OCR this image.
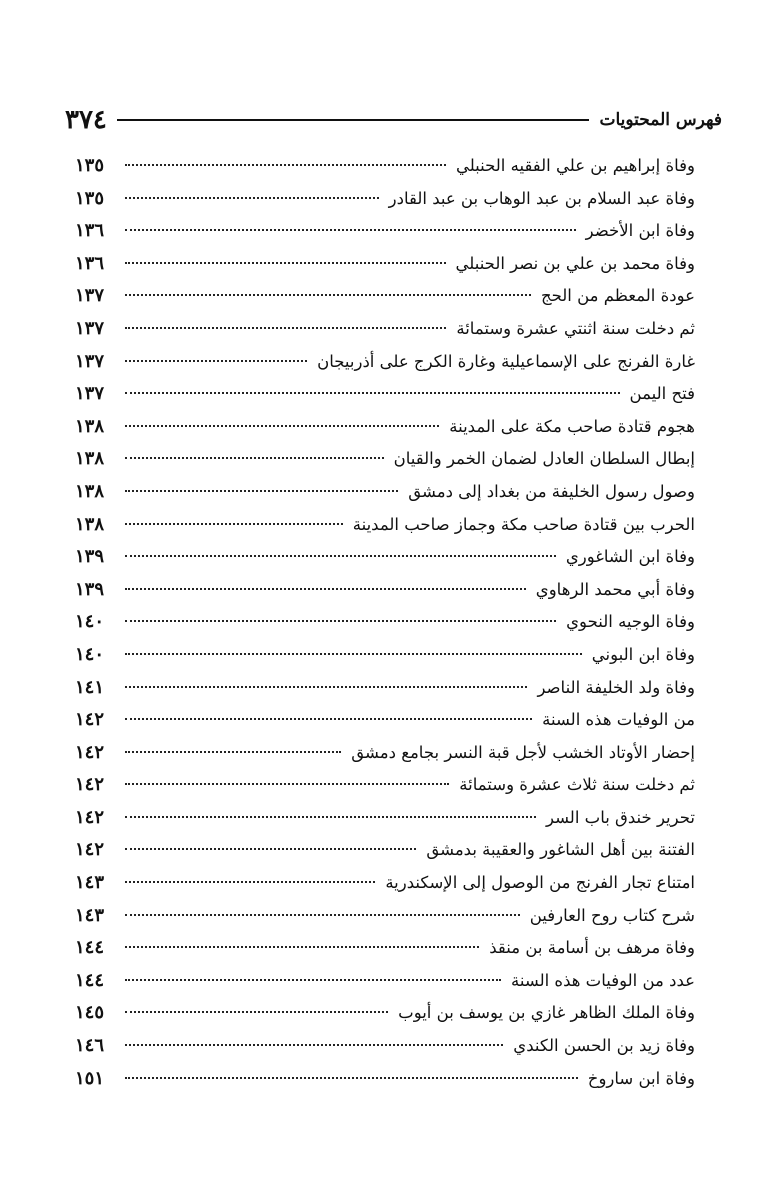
فهرس المحتويات
٣٧٤
وفاة إبراهيم بن علي الفقيه الحنبلي
١٣٥
وفاة عبد السلام بن عبد الوهاب بن عبد القادر
١٣٥
وفاة ابن الأخضر
١٣٦
وفاة محمد بن علي بن نصر الحنبلي
١٣٦
عودة المعظم من الحج
١٣٧
ثم دخلت سنة اثنتي عشرة وستمائة
١٣٧
غارة الفرنج على الإسماعيلية وغارة الكرج على أذربيجان
١٣٧
فتح اليمن
١٣٧
هجوم قتادة صاحب مكة على المدينة
١٣٨
إبطال السلطان العادل لضمان الخمر والقيان
١٣٨
وصول رسول الخليفة من بغداد إلى دمشق
١٣٨
الحرب بين قتادة صاحب مكة وجماز صاحب المدينة
١٣٨
وفاة ابن الشاغوري
١٣٩
وفاة أبي محمد الرهاوي
١٣٩
وفاة الوجيه النحوي
١٤٠
وفاة ابن البوني
١٤٠
وفاة ولد الخليفة الناصر
١٤١
من الوفيات هذه السنة
١٤٢
إحضار الأوتاد الخشب لأجل قبة النسر بجامع دمشق
١٤٢
ثم دخلت سنة ثلاث عشرة وستمائة
١٤٢
تحرير خندق باب السر
١٤٢
الفتنة بين أهل الشاغور والعقيبة بدمشق
١٤٢
امتناع تجار الفرنج من الوصول إلى الإسكندرية
١٤٣
شرح كتاب روح العارفين
١٤٣
وفاة مرهف بن أسامة بن منقذ
١٤٤
عدد من الوفيات هذه السنة
١٤٤
وفاة الملك الظاهر غازي بن يوسف بن أيوب
١٤٥
وفاة زيد بن الحسن الكندي
١٤٦
وفاة ابن ساروخ
١٥١
